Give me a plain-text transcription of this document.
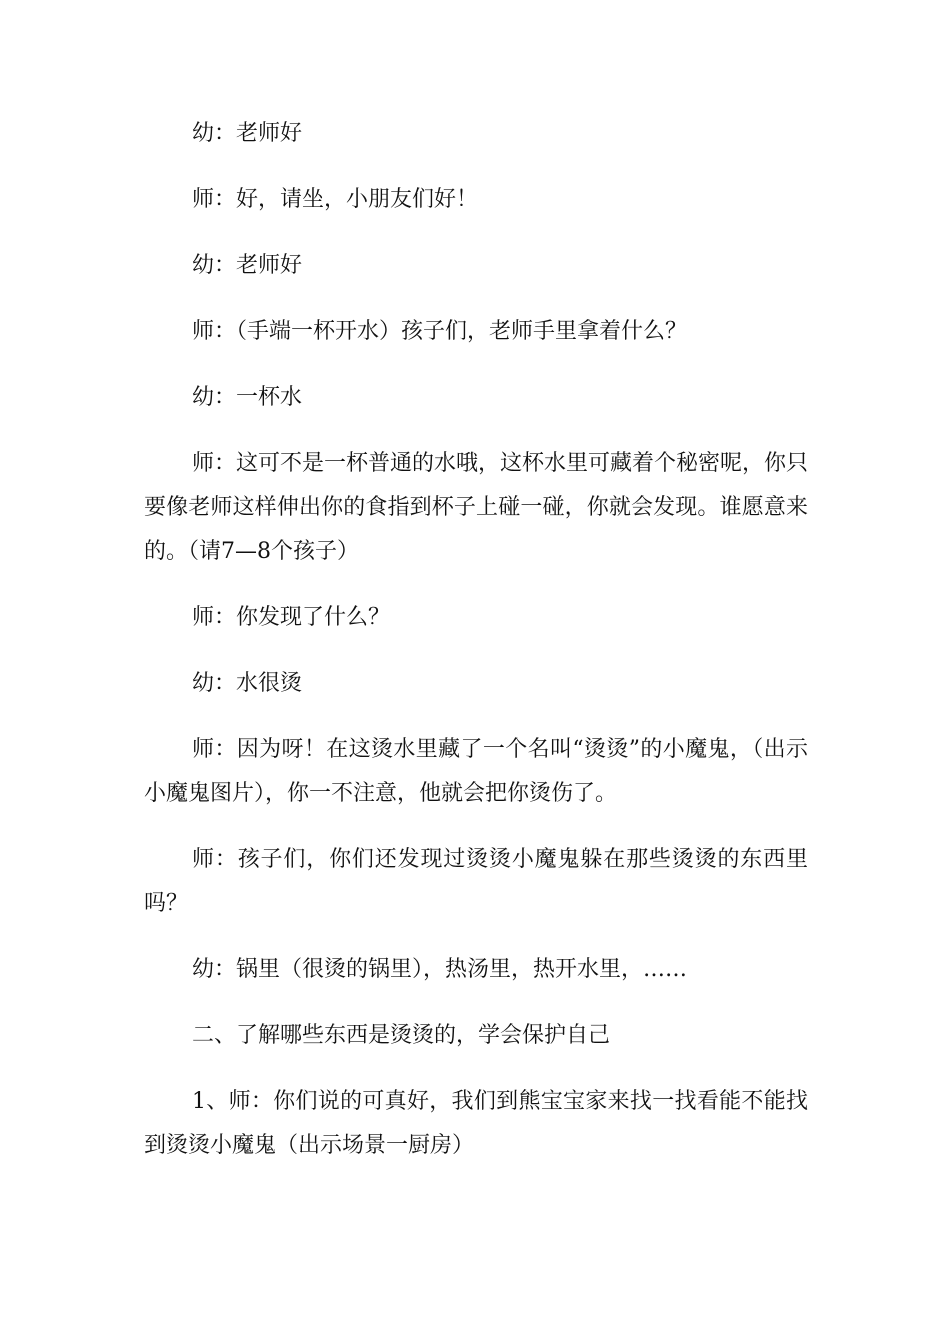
幼：老师好

师：好，请坐，小朋友们好！

幼：老师好

师：（手端一杯开水）孩子们，老师手里拿着什么？

幼：一杯水

师：这可不是一杯普通的水哦，这杯水里可藏着个秘密呢，你只要像老师这样伸出你的食指到杯子上碰一碰，你就会发现。谁愿意来的。（请7—8个孩子）

师：你发现了什么？

幼：水很烫

师：因为呀！在这烫水里藏了一个名叫“烫烫”的小魔鬼，（出示小魔鬼图片），你一不注意，他就会把你烫伤了。

师：孩子们，你们还发现过烫烫小魔鬼躲在那些烫烫的东西里吗？

幼：锅里（很烫的锅里），热汤里，热开水里，……

二、了解哪些东西是烫烫的，学会保护自己

1、师：你们说的可真好，我们到熊宝宝家来找一找看能不能找到烫烫小魔鬼（出示场景一厨房）
